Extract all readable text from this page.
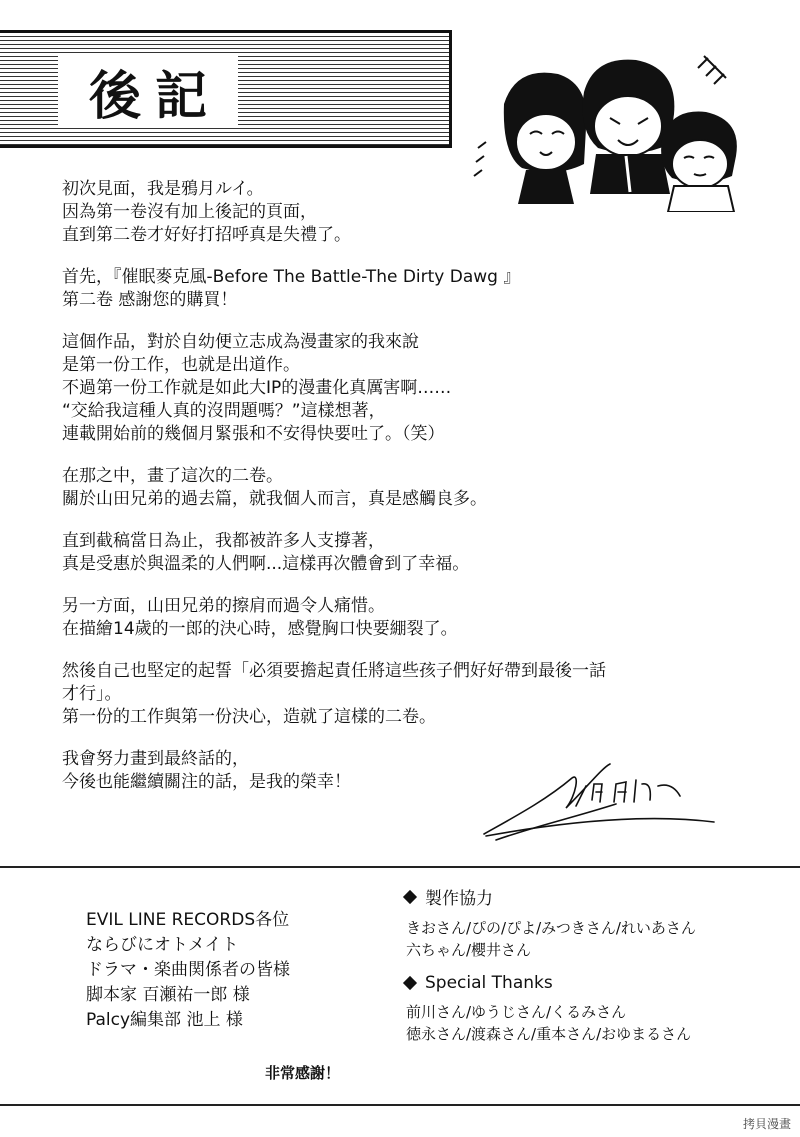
後記

初次見面，我是鴉月ルイ。
因為第一卷沒有加上後記的頁面，
直到第二卷才好好打招呼真是失禮了。

首先，『催眠麥克風-Before The Battle-The Dirty Dawg 』
第二卷 感謝您的購買！

這個作品，對於自幼便立志成為漫畫家的我來說
是第一份工作，也就是出道作。
不過第一份工作就是如此大IP的漫畫化真厲害啊……
“交給我這種人真的沒問題嗎？”這樣想著，
連載開始前的幾個月緊張和不安得快要吐了。（笑）

在那之中，畫了這次的二卷。
關於山田兄弟的過去篇，就我個人而言，真是感觸良多。

直到截稿當日為止，我都被許多人支撐著，
真是受惠於與溫柔的人們啊...這樣再次體會到了幸福。

另一方面，山田兄弟的擦肩而過令人痛惜。
在描繪14歲的一郎的決心時，感覺胸口快要綳裂了。

然後自己也堅定的起誓「必須要擔起責任將這些孩子們好好帶到最後一話
才行」。
第一份的工作與第一份決心，造就了這樣的二卷。

我會努力畫到最終話的，
今後也能繼續關注的話，是我的榮幸！

EVIL LINE RECORDS各位
ならびにオトメイト
ドラマ・楽曲関係者の皆様
脚本家 百瀬祐一郎 様
Palcy編集部 池上 様
製作協力
きおさん/ぴの/ぴよ/みつきさん/れいあさん
六ちゃん/櫻井さん
Special Thanks
前川さん/ゆうじさん/くるみさん
徳永さん/渡森さん/重本さん/おゆまるさん
非常感謝！
拷貝漫畫
